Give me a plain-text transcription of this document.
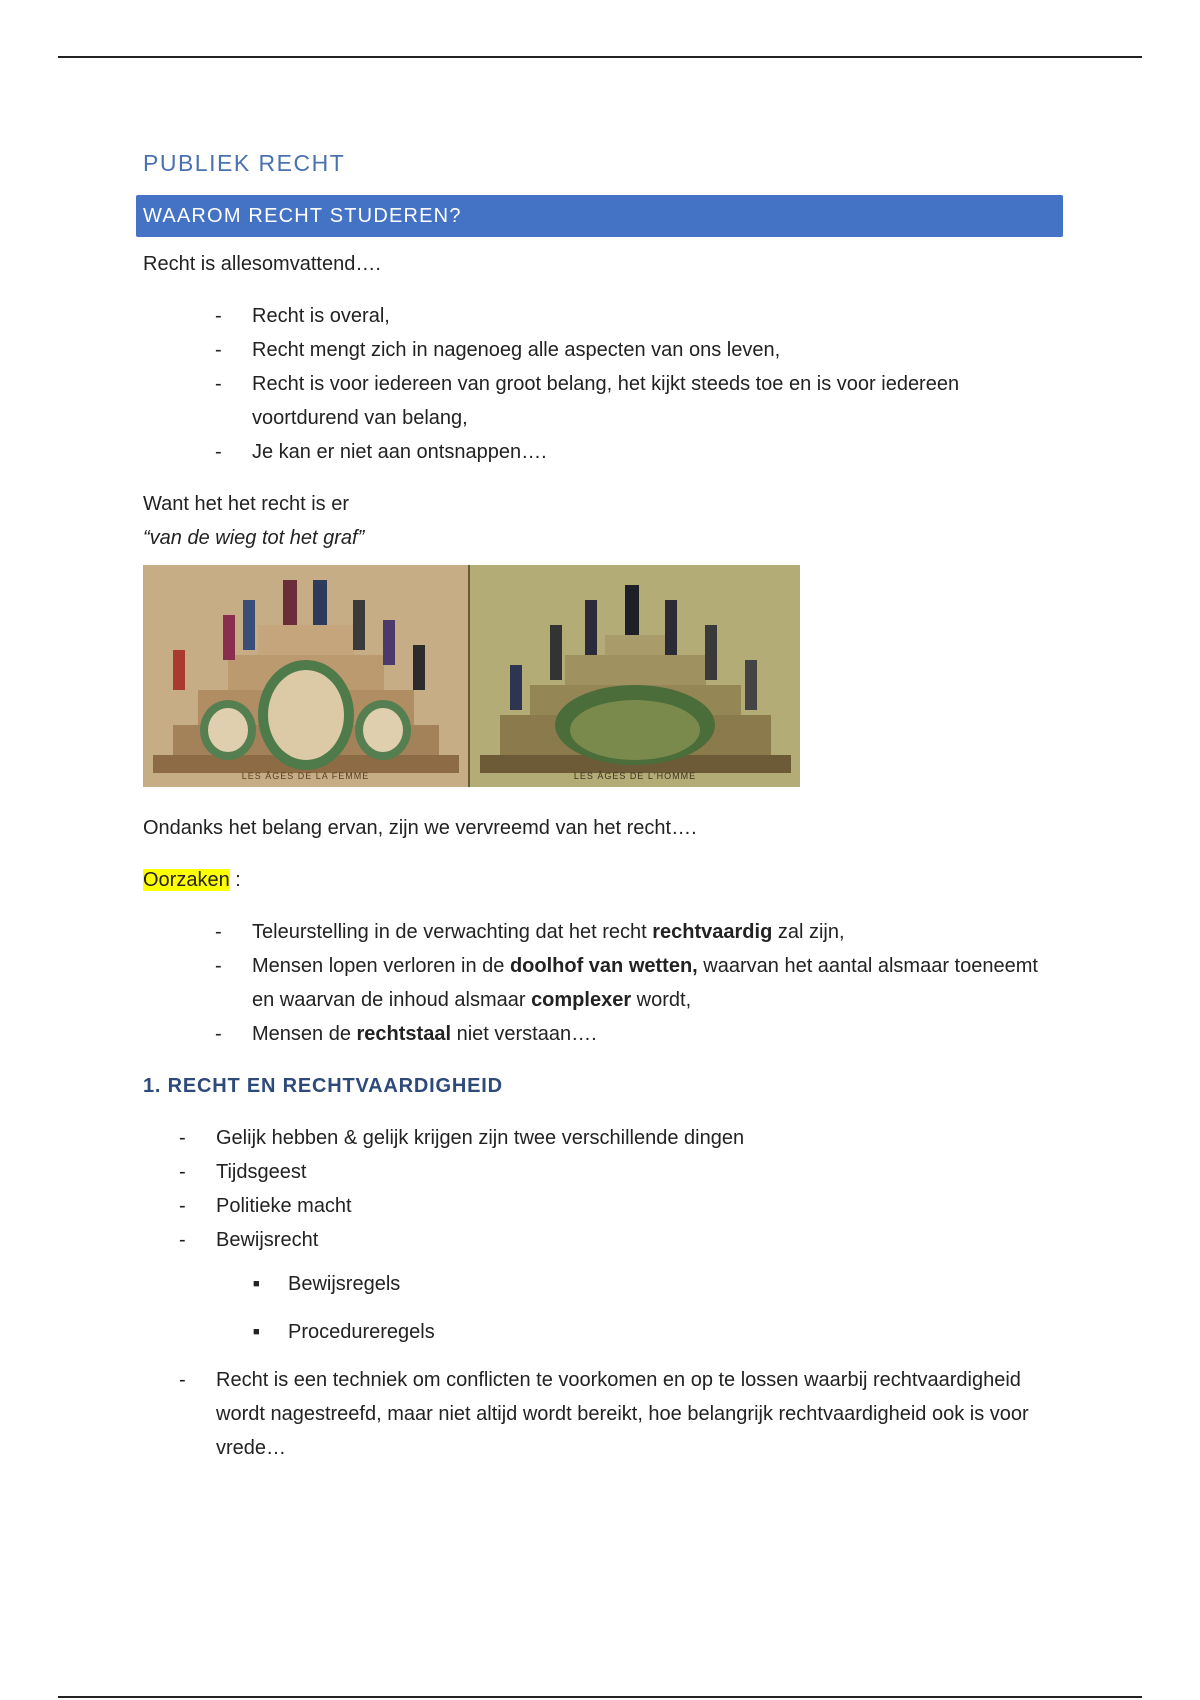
PUBLIEK RECHT
WAAROM RECHT STUDEREN?

Recht is allesomvattend….

- Recht is overal,
- Recht mengt zich in nagenoeg alle aspecten van ons leven,
- Recht is voor iedereen van groot belang, het kijkt steeds toe en is voor iedereen voortdurend van belang,
- Je kan er niet aan ontsnappen….

Want het het recht is er

“van de wieg tot het graf”

LES ÂGES DE LA FEMME	LES ÂGES DE L'HOMME

Ondanks het belang ervan, zijn we vervreemd van het recht….

Oorzaken :

- Teleurstelling in de verwachting dat het recht rechtvaardig zal zijn,
- Mensen lopen verloren in de doolhof van wetten, waarvan het aantal alsmaar toeneemt en waarvan de inhoud alsmaar complexer wordt,
- Mensen de rechtstaal niet verstaan….
1. RECHT EN RECHTVAARDIGHEID
- Gelijk hebben & gelijk krijgen zijn twee verschillende dingen
- Tijdsgeest
- Politieke macht
- Bewijsrecht
■ Bewijsregels
■ Procedureregels
- Recht is een techniek om conflicten te voorkomen en op te lossen waarbij rechtvaardigheid wordt nagestreefd, maar niet altijd wordt bereikt, hoe belangrijk rechtvaardigheid ook is voor vrede…
